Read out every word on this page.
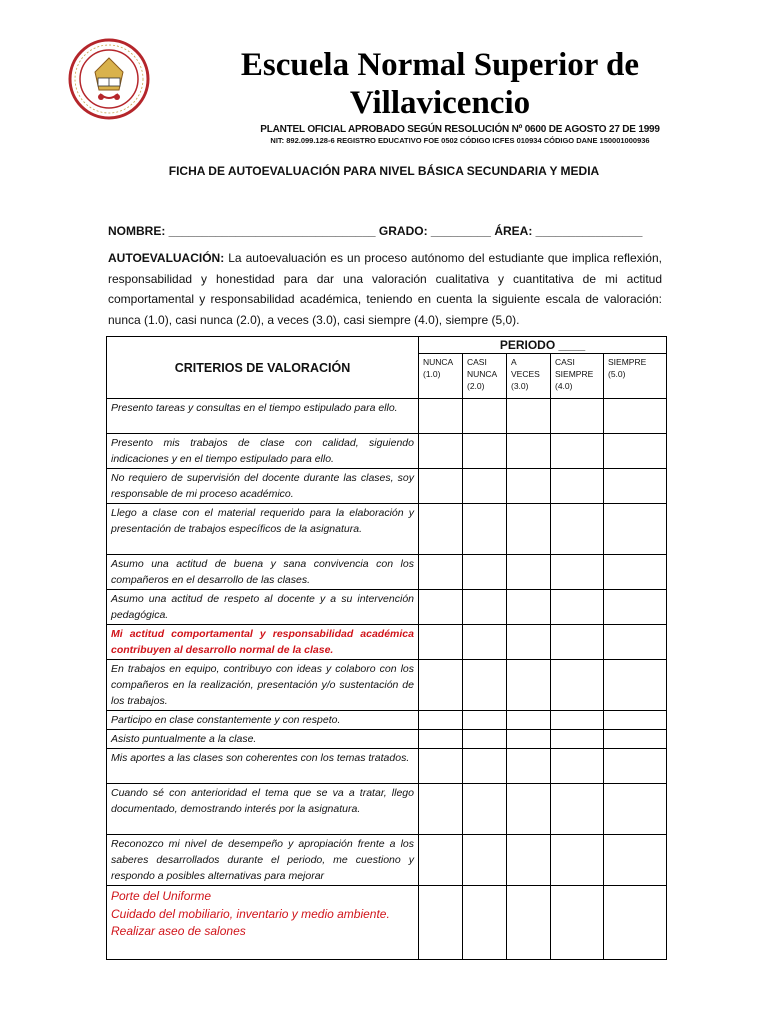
Escuela Normal Superior de
Villavicencio
PLANTEL OFICIAL APROBADO SEGÚN RESOLUCIÓN Nº 0600 DE AGOSTO 27 DE 1999
NIT: 892.099.128-6 REGISTRO EDUCATIVO FOE 0502 CÓDIGO ICFES 010934 CÓDIGO DANE 150001000936
FICHA DE AUTOEVALUACIÓN PARA NIVEL BÁSICA SECUNDARIA Y MEDIA
NOMBRE: _______________________________ GRADO: _________ ÁREA: ________________
AUTOEVALUACIÓN: La autoevaluación es un proceso autónomo del estudiante que implica reflexión, responsabilidad y honestidad para dar una valoración cualitativa y cuantitativa de mi actitud comportamental y responsabilidad académica, teniendo en cuenta la siguiente escala de valoración: nunca (1.0), casi nunca (2.0), a veces (3.0), casi siempre (4.0), siempre (5,0).
CRITERIOS DE VALORACIÓN	PERIODO ____				
	NUNCA (1.0)	CASI NUNCA (2.0)	A VECES (3.0)	CASI SIEMPRE (4.0)	SIEMPRE (5.0)
Presento tareas y consultas en el tiempo estipulado para ello.					
Presento mis trabajos de clase con calidad, siguiendo indicaciones y en el tiempo estipulado para ello.					
No requiero de supervisión del docente durante las clases, soy responsable de mi proceso académico.					
Llego a clase con el material requerido para la elaboración y presentación de trabajos específicos de la asignatura.					
Asumo una actitud de buena y sana convivencia con los compañeros en el desarrollo de las clases.					
Asumo una actitud de respeto al docente y a su intervención pedagógica.					
Mi actitud comportamental y responsabilidad académica contribuyen al desarrollo normal de la clase.					
En trabajos en equipo, contribuyo con ideas y colaboro con los compañeros en la realización, presentación y/o sustentación de los trabajos.					
Participo en clase constantemente y con respeto.					
Asisto puntualmente a la clase.					
Mis aportes a las clases son coherentes con los temas tratados.					
Cuando sé con anterioridad el tema que se va a tratar, llego documentado, demostrando interés por la asignatura.					
Reconozco mi nivel de desempeño y apropiación frente a los saberes desarrollados durante el periodo, me cuestiono y respondo a posibles alternativas para mejorar					

Porte del Uniforme
Cuidado del mobiliario, inventario y medio ambiente.
Realizar aseo de salones					
